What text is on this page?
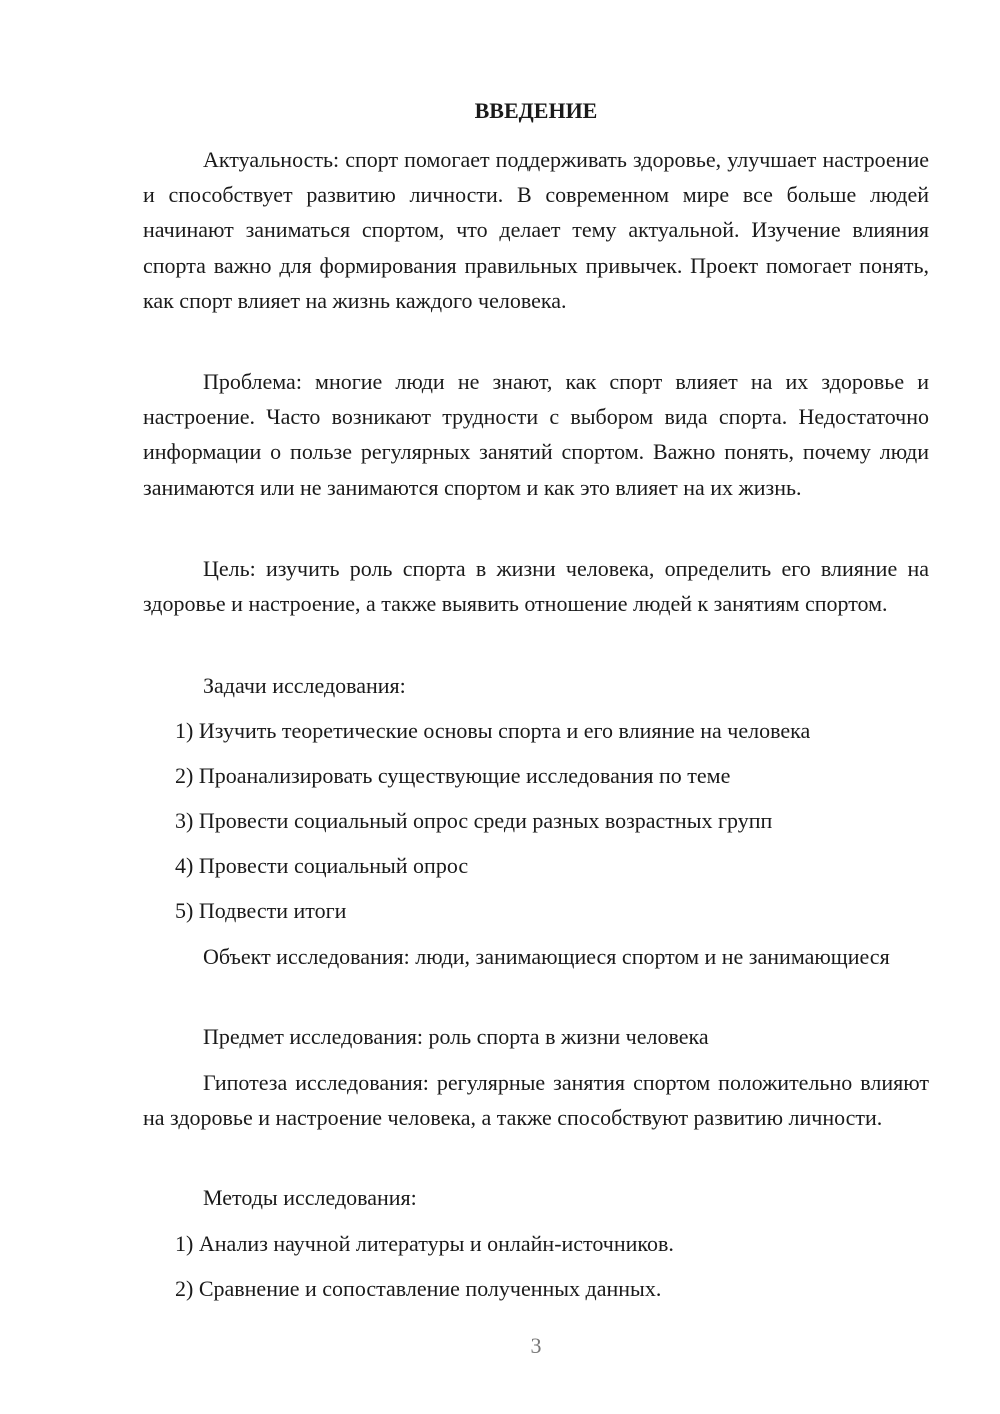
ВВЕДЕНИЕ

Актуальность: спорт помогает поддерживать здоровье, улучшает настроение и способствует развитию личности. В современном мире все больше людей начинают заниматься спортом, что делает тему актуальной. Изучение влияния спорта важно для формирования правильных привычек. Проект помогает понять, как спорт влияет на жизнь каждого человека.

Проблема: многие люди не знают, как спорт влияет на их здоровье и настроение. Часто возникают трудности с выбором вида спорта. Недостаточно информации о пользе регулярных занятий спортом. Важно понять, почему люди занимаются или не занимаются спортом и как это влияет на их жизнь.

Цель: изучить роль спорта в жизни человека, определить его влияние на здоровье и настроение, а также выявить отношение людей к занятиям спортом.

Задачи исследования:

1) Изучить теоретические основы спорта и его влияние на человека

2) Проанализировать существующие исследования по теме

3) Провести социальный опрос среди разных возрастных групп

4) Провести социальный опрос

5) Подвести итоги

Объект исследования: люди, занимающиеся спортом и не занимающиеся

Предмет исследования: роль спорта в жизни человека

Гипотеза исследования: регулярные занятия спортом положительно влияют на здоровье и настроение человека, а также способствуют развитию личности.

Методы исследования:

1) Анализ научной литературы и онлайн-источников.

2) Сравнение и сопоставление полученных данных.

3
